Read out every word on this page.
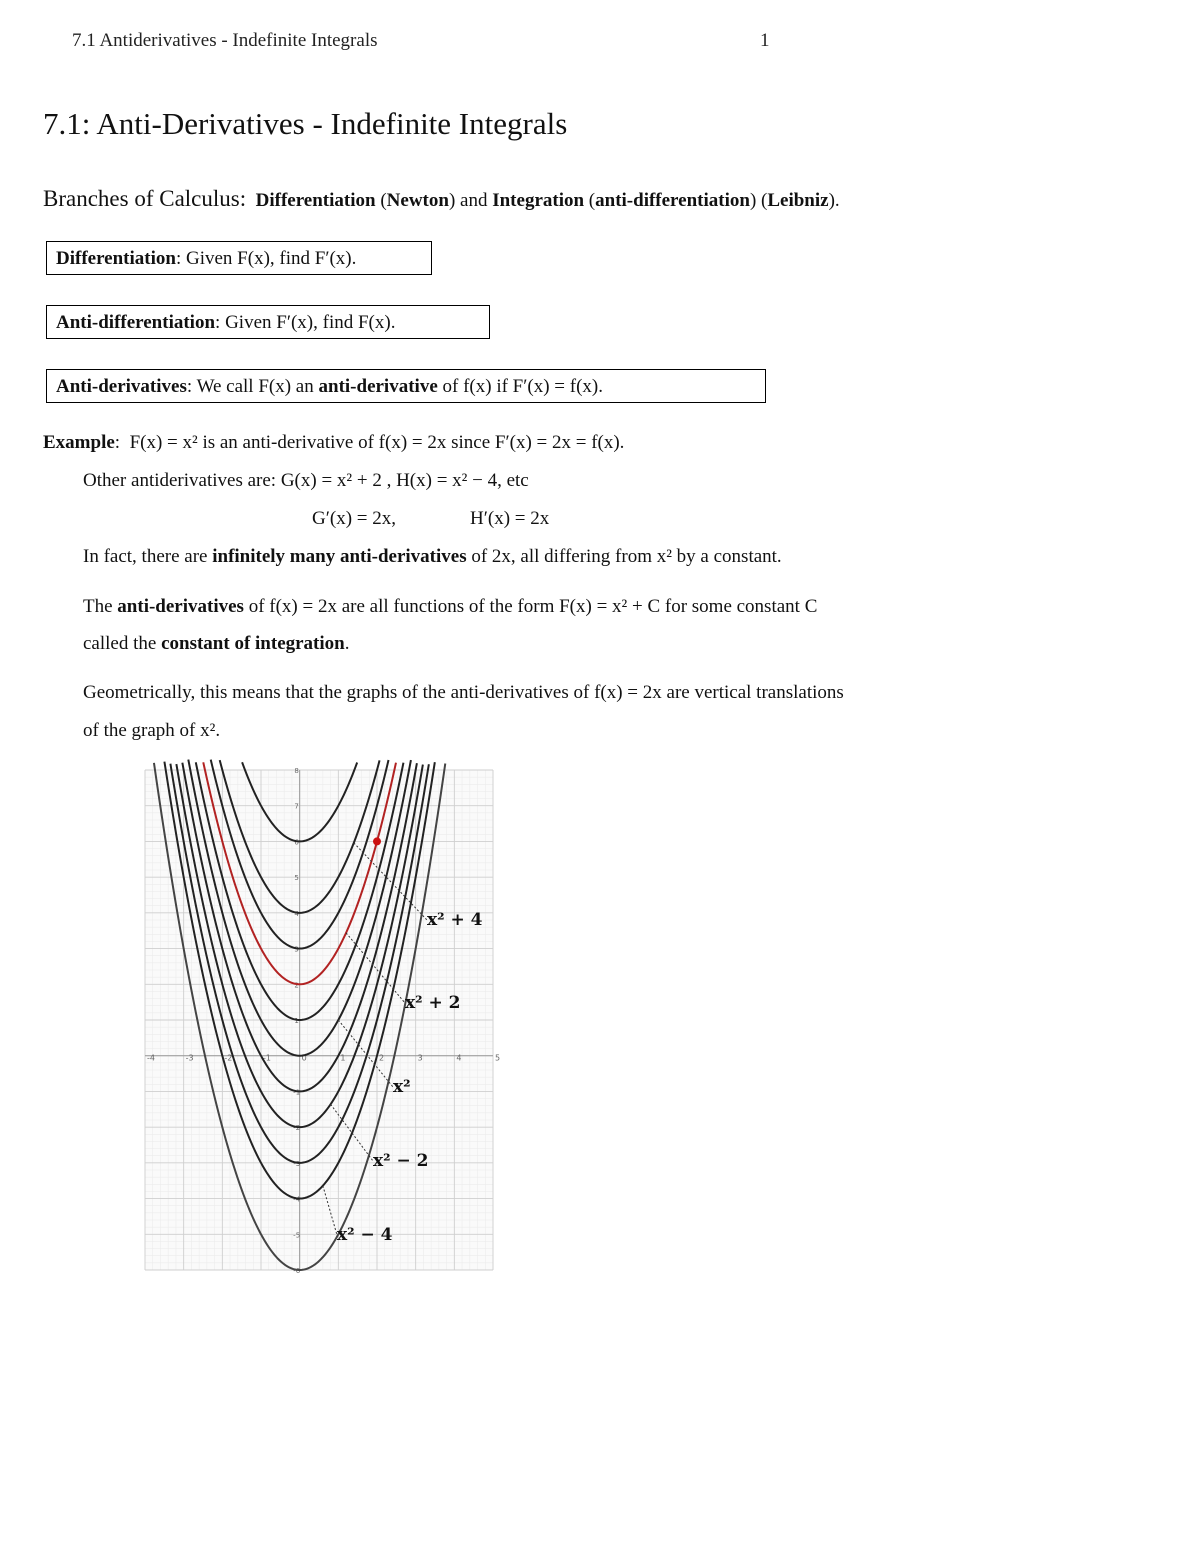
7.1 Antiderivatives - Indefinite Integrals	1
7.1: Anti-Derivatives - Indefinite Integrals
Branches of Calculus: Differentiation (Newton) and Integration (anti-differentiation) (Leibniz).
Differentiation: Given F(x), find F′(x).
Anti-differentiation: Given F′(x), find F(x).
Anti-derivatives: We call F(x) an anti-derivative of f(x) if F′(x) = f(x).
Example:  F(x) = x² is an anti-derivative of f(x) = 2x since F′(x) = 2x = f(x).
Other antiderivatives are: G(x) = x² + 2 , H(x) = x² − 4, etc
G′(x) = 2x,	H′(x) = 2x
In fact, there are infinitely many anti-derivatives of 2x, all differing from x² by a constant.
The anti-derivatives of f(x) = 2x are all functions of the form F(x) = x² + C for some constant C
called the constant of integration.
Geometrically, this means that the graphs of the anti-derivatives of f(x) = 2x are vertical translations
of the graph of x².
-4	-3	-2	-1	0	1	2	3	4	5
8
7
6
5
4
3
2
1
-1
-2
-3
-4
-5
-6
x² + 4
x² + 2
x²
x² − 2
x² − 4
